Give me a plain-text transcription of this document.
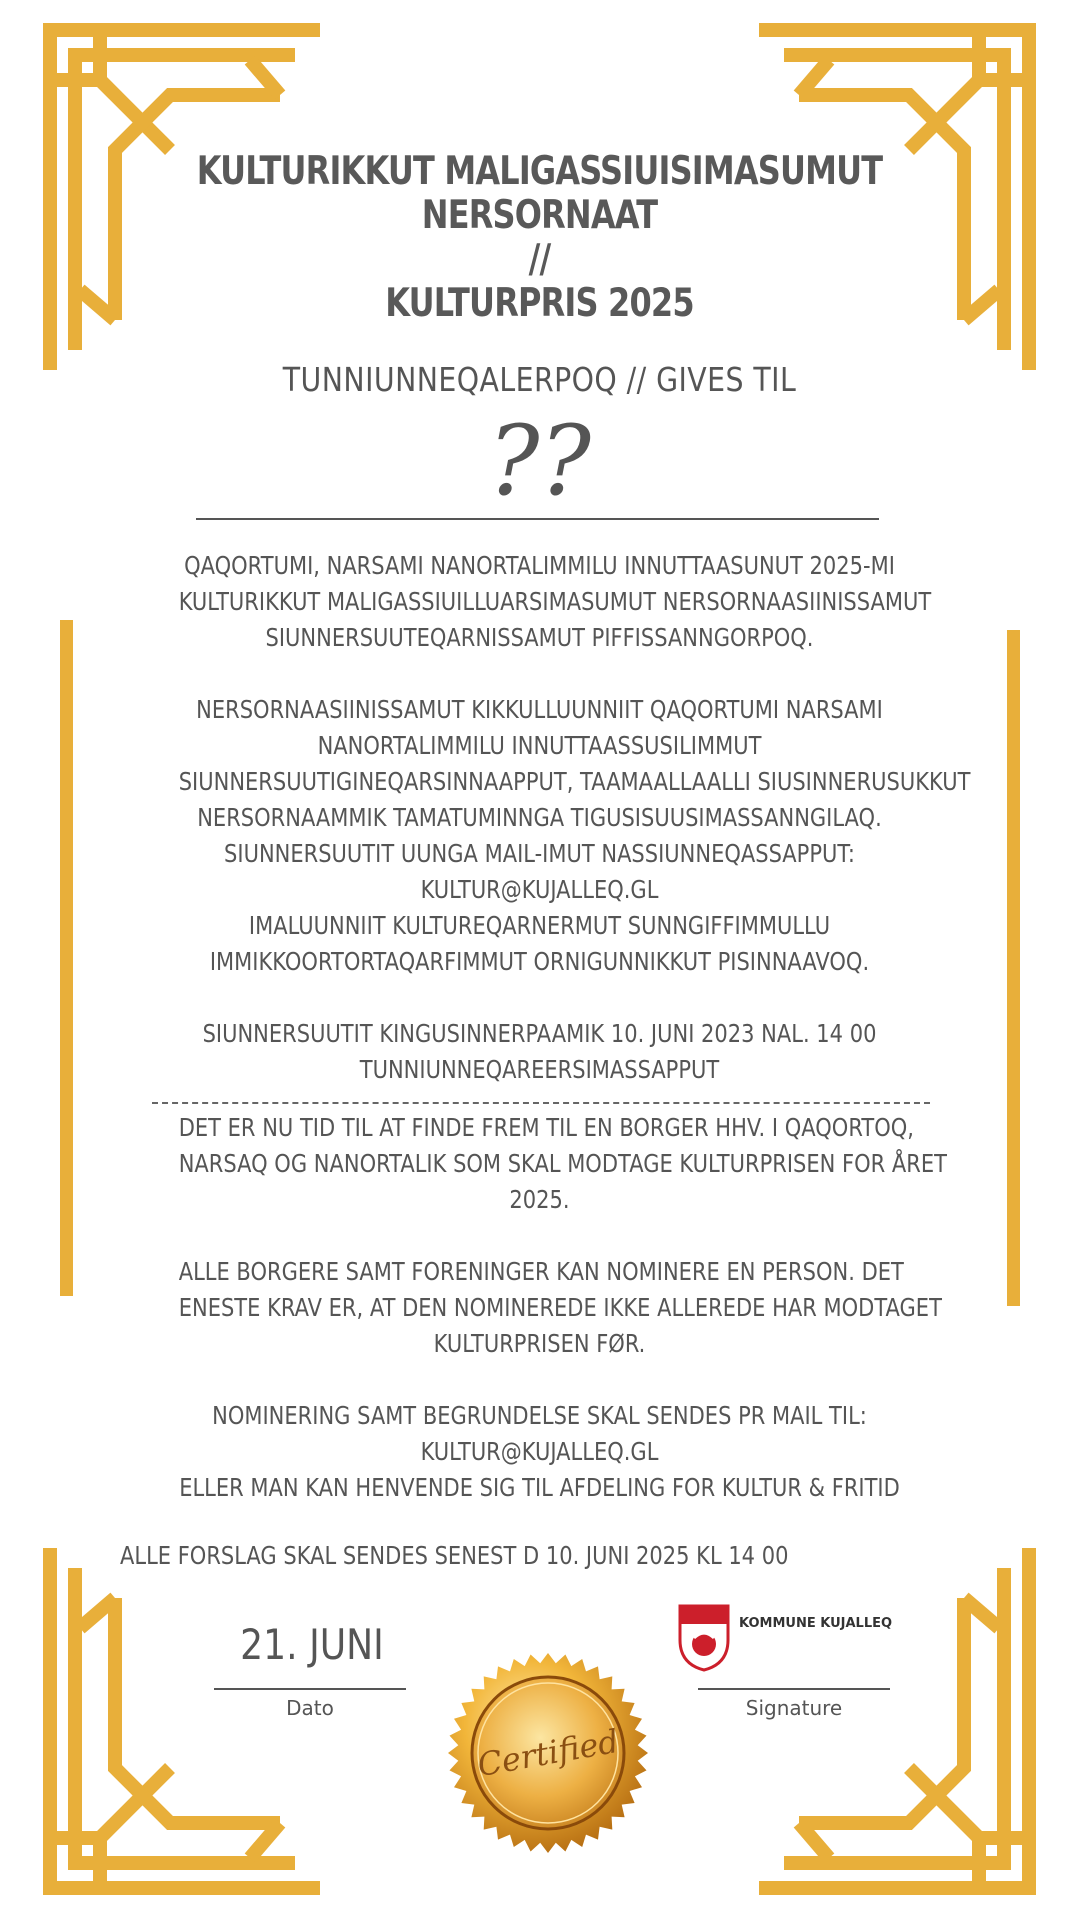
KULTURIKKUT MALIGASSIUISIMASUMUT
NERSORNAAT
//
KULTURPRIS 2025
TUNNIUNNEQALERPOQ // GIVES TIL
??
QAQORTUMI, NARSAMI NANORTALIMMILU INNUTTAASUNUT 2025-MI
KULTURIKKUT MALIGASSIUILLUARSIMASUMUT NERSORNAASIINISSAMUT
SIUNNERSUUTEQARNISSAMUT PIFFISSANNGORPOQ.
NERSORNAASIINISSAMUT KIKKULLUUNNIIT QAQORTUMI NARSAMI
NANORTALIMMILU INNUTTAASSUSILIMMUT
SIUNNERSUUTIGINEQARSINNAAPPUT, TAAMAALLAALLI SIUSINNERUSUKKUT
NERSORNAAMMIK TAMATUMINNGA TIGUSISUUSIMASSANNGILAQ.
SIUNNERSUUTIT UUNGA MAIL-IMUT NASSIUNNEQASSAPPUT:
KULTUR@KUJALLEQ.GL
IMALUUNNIIT KULTUREQARNERMUT SUNNGIFFIMMULLU
IMMIKKOORTORTAQARFIMMUT ORNIGUNNIKKUT PISINNAAVOQ.
SIUNNERSUUTIT KINGUSINNERPAAMIK 10. JUNI 2023 NAL. 14 00
TUNNIUNNEQAREERSIMASSAPPUT
DET ER NU TID TIL AT FINDE FREM TIL EN BORGER HHV. I QAQORTOQ,
NARSAQ OG NANORTALIK SOM SKAL MODTAGE KULTURPRISEN FOR ÅRET
2025.
ALLE BORGERE SAMT FORENINGER KAN NOMINERE EN PERSON. DET
ENESTE KRAV ER, AT DEN NOMINEREDE IKKE ALLEREDE HAR MODTAGET
KULTURPRISEN FØR.
NOMINERING SAMT BEGRUNDELSE SKAL SENDES PR MAIL TIL:
KULTUR@KUJALLEQ.GL
ELLER MAN KAN HENVENDE SIG TIL AFDELING FOR KULTUR & FRITID
ALLE FORSLAG SKAL SENDES SENEST D 10. JUNI 2025 KL 14 00
21. JUNI
Dato
KOMMUNE KUJALLEQ
Signature
Certified
